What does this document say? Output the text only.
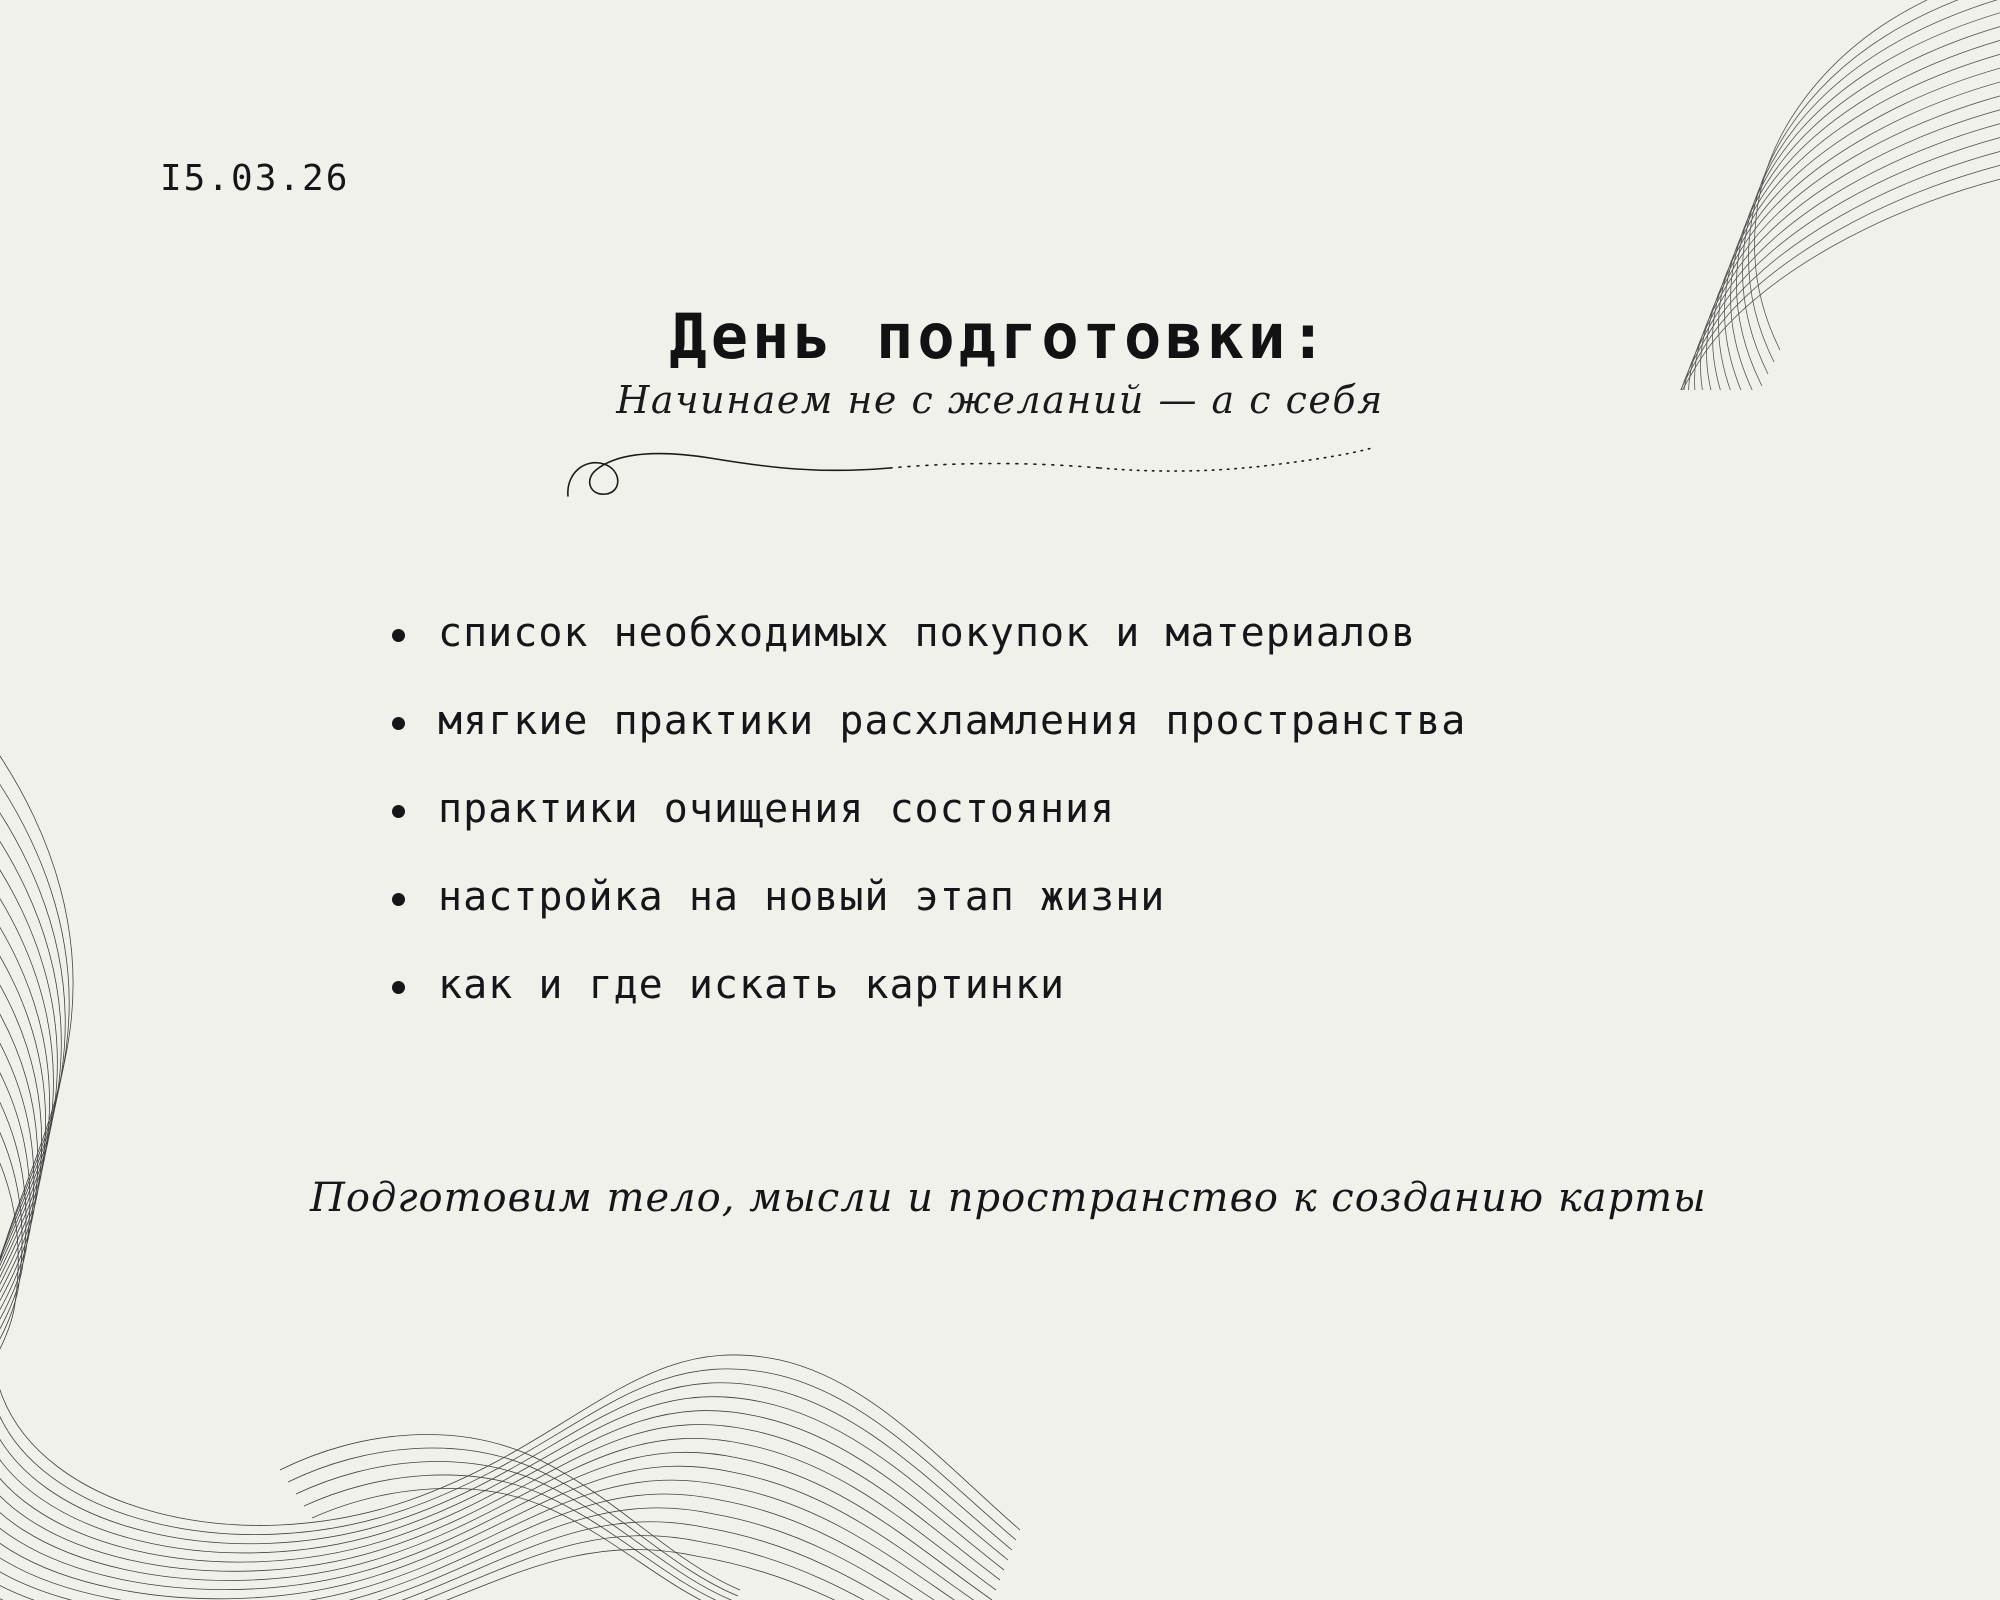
I5.03.26
День подготовки:
Начинаем не с желаний — а с себя
список необходимых покупок и материалов
мягкие практики расхламления пространства
практики очищения состояния
настройка на новый этап жизни
как и где искать картинки
Подготовим тело, мысли и пространство к созданию карты
